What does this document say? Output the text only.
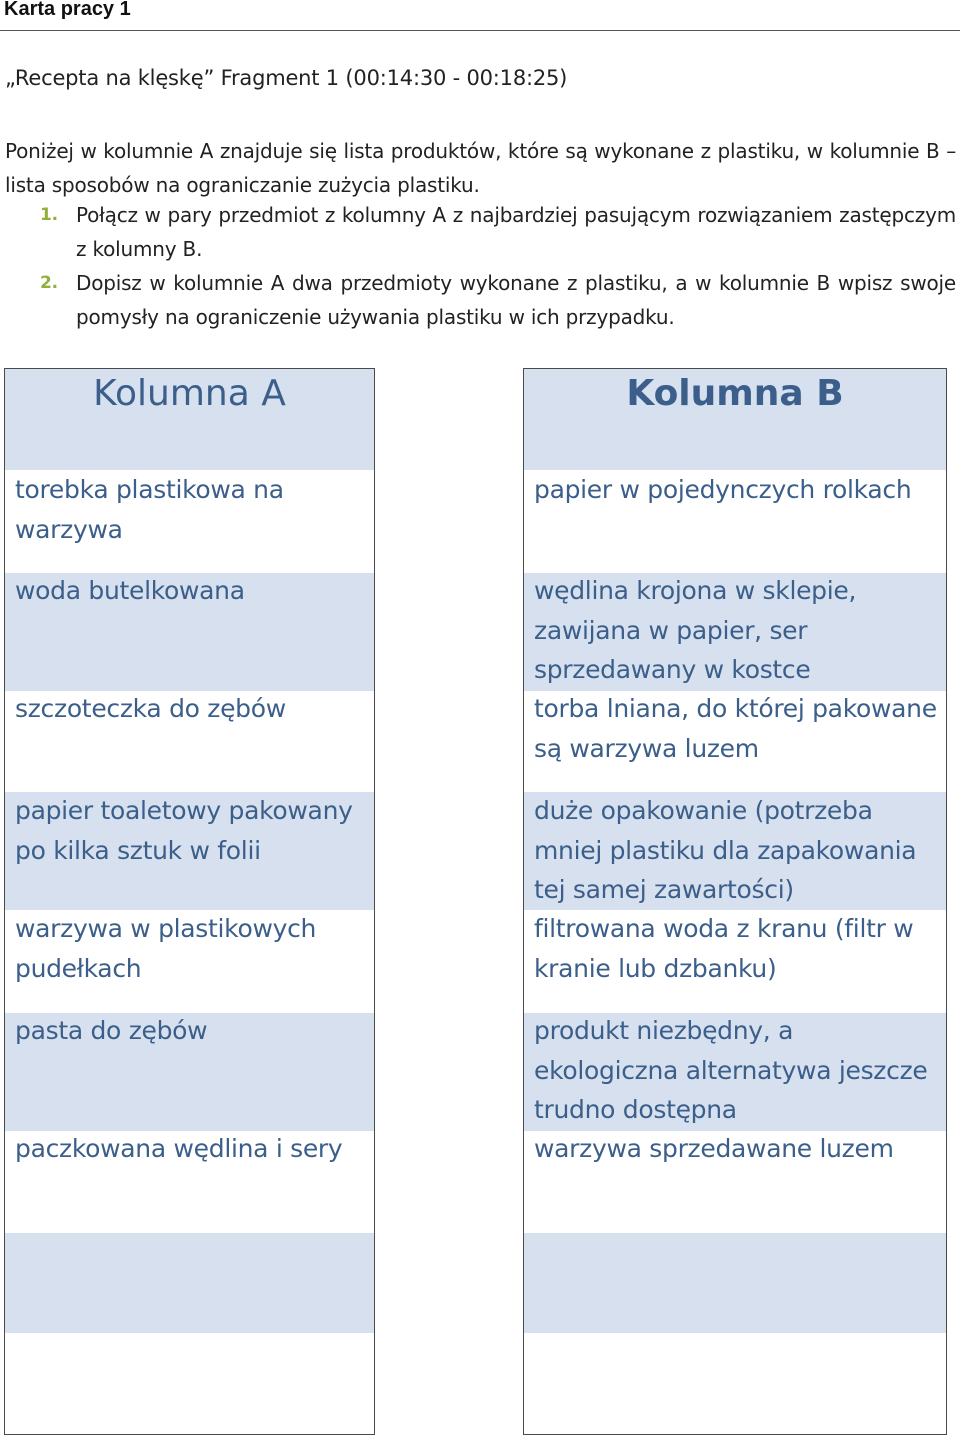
Karta pracy 1
„Recepta na klęskę” Fragment 1 (00:14:30 - 00:18:25)
Poniżej w kolumnie A znajduje się lista produktów, które są wykonane z plastiku, w kolumnie B – lista sposobów na ograniczanie zużycia plastiku.
1. Połącz w pary przedmiot z kolumny A z najbardziej pasującym rozwiązaniem zastępczym z kolumny B.
2. Dopisz w kolumnie A dwa przedmioty wykonane z plastiku, a w kolumnie B wpisz swoje pomysły na ograniczenie używania plastiku w ich przypadku.
Kolumna A
torebka plastikowa na warzywa
woda butelkowana
szczoteczka do zębów
papier toaletowy pakowany po kilka sztuk w folii
warzywa w plastikowych pudełkach
pasta do zębów
paczkowana wędlina i sery
Kolumna B
papier w pojedynczych rolkach
wędlina krojona w sklepie, zawijana w papier, ser sprzedawany w kostce
torba lniana, do której pakowane są warzywa luzem
duże opakowanie (potrzeba mniej plastiku dla zapakowania tej samej zawartości)
filtrowana woda z kranu (filtr w kranie lub dzbanku)
produkt niezbędny, a ekologiczna alternatywa jeszcze trudno dostępna
warzywa sprzedawane luzem
